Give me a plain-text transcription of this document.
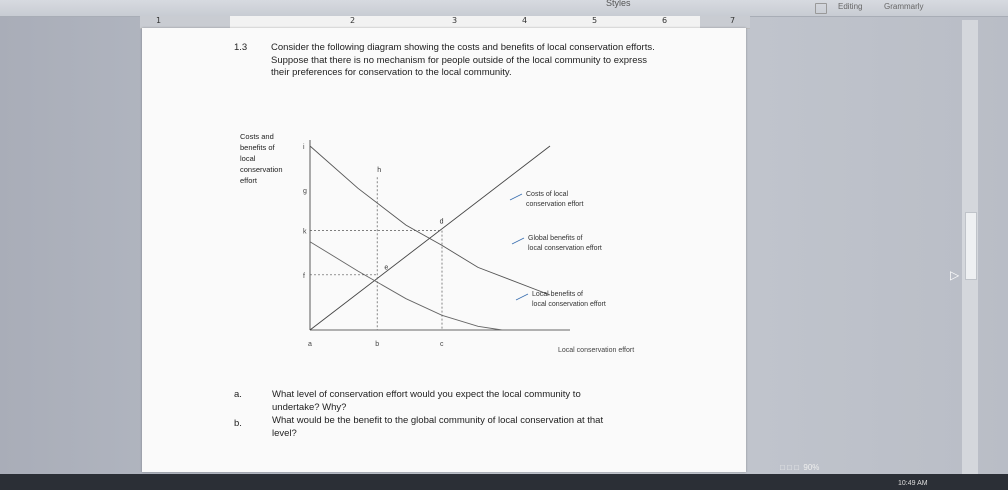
Styles	Editing	Grammarly
1	2	3	4	5	6	7
1.3	Consider the following diagram showing the costs and benefits of local conservation efforts. Suppose that there is no mechanism for people outside of the local community to express their preferences for conservation to the local community.
Costs and benefits of local conservation effort
Local conservation effort
Costs of local conservation effort
Global benefits of local conservation effort
Local benefits of local conservation effort
a	b	c
i
g
k
f
h
d
e
a.	What level of conservation effort would you expect the local community to
undertake? Why?
b.	What would be the benefit to the global community of local conservation at that
level?
▷
□ □ □  90%
10:49 AM
